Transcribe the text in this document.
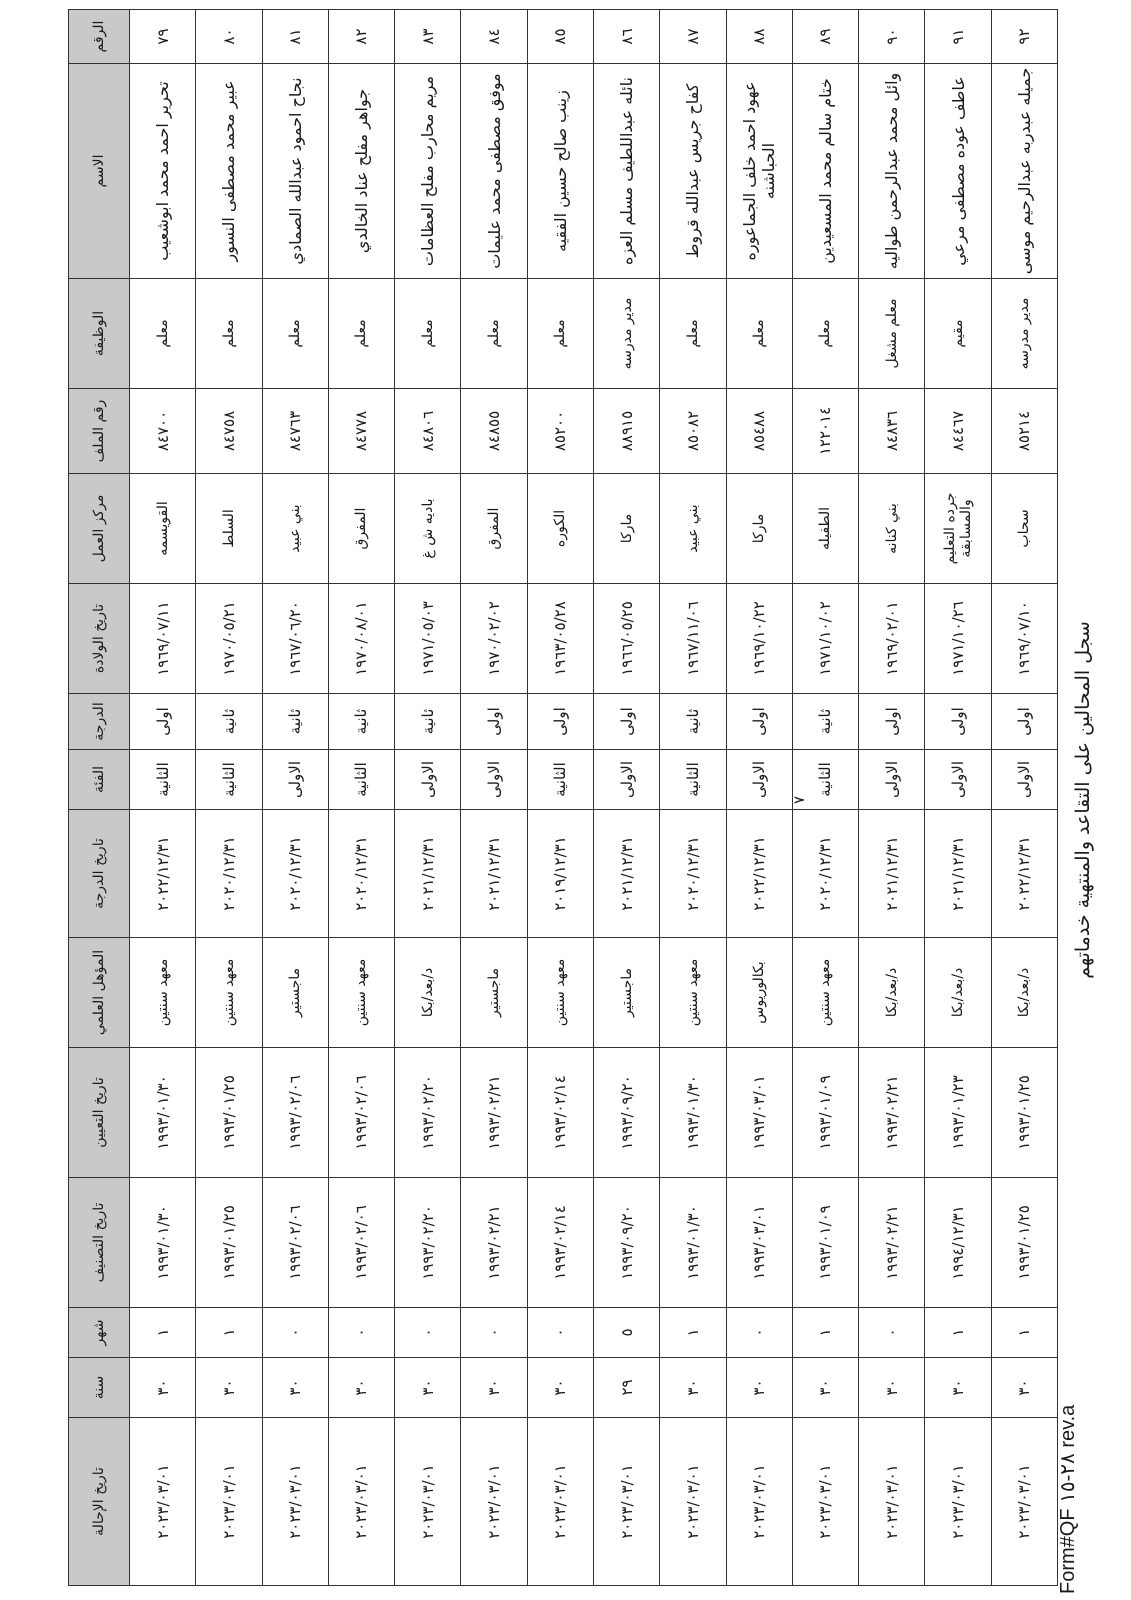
سجل المحالين على التقاعد والمنتهية خدماتهم
الرقم	الاسم	الوظيفة	رقم الملف	مركز العمل	تاريخ الولادة	الدرجة	الفئة	تاريخ الدرجة	المؤهل العلمي	تاريخ التعيين	تاريخ التصنيف	شهر	سنة	تاريخ الإحالة
٧٩	تحرير احمد محمد ابوشعيب	معلم	٨٤٧٠٠	القويسمه	١٩٦٩/٠٧/١١	اولى	الثانية	٢٠٢٢/١٢/٣١	معهد سنتين	١٩٩٣/٠١/٣٠	١٩٩٣/٠١/٣٠	١	٣٠	٢٠٢٣/٠٣/٠١
٨٠	عبير محمد مصطفى النسور	معلم	٨٤٧٥٨	السلط	١٩٧٠/٠٥/٢١	ثانية	الثانية	٢٠٢٠/١٢/٣١	معهد سنتين	١٩٩٣/٠١/٢٥	١٩٩٣/٠١/٢٥	١	٣٠	٢٠٢٣/٠٣/٠١
٨١	نجاح احمود عبدالله الصمادي	معلم	٨٤٧٦٣	بني عبيد	١٩٦٧/٠٦/٢٠	ثانية	الاولى	٢٠٢٠/١٢/٣١	ماجستير	١٩٩٣/٠٢/٠٦	١٩٩٣/٠٢/٠٦	٠	٣٠	٢٠٢٣/٠٣/٠١
٨٢	جواهر مفلح عناد الخالدي	معلم	٨٤٧٧٨	المفرق	١٩٧٠/٠٨/٠١	ثانية	الثانية	٢٠٢٠/١٢/٣١	معهد سنتين	١٩٩٣/٠٢/٠٦	١٩٩٣/٠٢/٠٦	٠	٣٠	٢٠٢٣/٠٣/٠١
٨٣	مريم محارب مفلح العظامات	معلم	٨٤٨٠٦	باديه ش غ	١٩٧١/٠٥/٠٣	ثانية	الاولى	٢٠٢١/١٢/٣١	د/بعد/بكا	١٩٩٣/٠٢/٢٠	١٩٩٣/٠٢/٢٠	٠	٣٠	٢٠٢٣/٠٣/٠١
٨٤	موفق مصطفى محمد عليمات	معلم	٨٤٨٥٥	المفرق	١٩٧٠/٠٢/٠٢	اولى	الاولى	٢٠٢١/١٢/٣١	ماجستير	١٩٩٣/٠٢/٢١	١٩٩٣/٠٢/٢١	٠	٣٠	٢٠٢٣/٠٣/٠١
٨٥	زينب صالح حسين الفقيه	معلم	٨٥٢٠٠	الكوره	١٩٦٣/٠٥/٢٨	اولى	الثانية	٢٠١٩/١٢/٣١	معهد سنتين	١٩٩٣/٠٢/١٤	١٩٩٣/٠٢/١٤	٠	٣٠	٢٠٢٣/٠٣/٠١
٨٦	نائله عبداللطيف مسلم العزه	مدير مدرسه	٨٨٩١٥	ماركا	١٩٦٦/٠٥/٢٥	اولى	الاولى	٢٠٢١/١٢/٣١	ماجستير	١٩٩٣/٠٩/٢٠	١٩٩٣/٠٩/٢٠	٥	٢٩	٢٠٢٣/٠٣/٠١
٨٧	كفاح جريس عبدالله قروط	معلم	٨٥٠٨٢	بني عبيد	١٩٦٧/١١/٠٦	ثانية	الثانية	٢٠٢٠/١٢/٣١	معهد سنتين	١٩٩٣/٠١/٣٠	١٩٩٣/٠١/٣٠	١	٣٠	٢٠٢٣/٠٣/٠١
٨٨	عهود احمد خلف الجماعوره الحباشنه	معلم	٨٥٤٨٨	ماركا	١٩٦٩/١٠/٢٢	اولى	الاولى	٢٠٢٢/١٢/٣١	بكالوريوس	١٩٩٣/٠٣/٠١	١٩٩٣/٠٣/٠١	٠	٣٠	٢٠٢٣/٠٣/٠١
٨٩	ختام سالم محمد المسعيدين	معلم	١٢٢٠١٤	الطفيله	١٩٧١/١٠/٠٢	ثانية	الثانية	٢٠٢٠/١٢/٣١	معهد سنتين	١٩٩٣/٠١/٠٩	١٩٩٣/٠١/٠٩	١	٣٠	٢٠٢٣/٠٣/٠١
٩٠	وائل محمد عبدالرحمن طواليه	معلم مشغل	٨٤٨٣٦	بني كنانه	١٩٦٩/٠٢/٠١	اولى	الاولى	٢٠٢١/١٢/٣١	د/بعد/بكا	١٩٩٣/٠٢/٢١	١٩٩٣/٠٢/٢١	٠	٣٠	٢٠٢٣/٠٣/٠١
٩١	عاطف عوده مصطفى مرعي	مقيم	٨٤٤٦٧	جرده التعليم والمسابقة	١٩٧١/١٠/٢٦	اولى	الاولى	٢٠٢١/١٢/٣١	د/بعد/بكا	١٩٩٣/٠١/٢٣	١٩٩٤/١٢/٣١	١	٣٠	٢٠٢٣/٠٣/٠١
٩٢	جميله عبدربه عبدالرحيم موسى	مدير مدرسه	٨٥٢١٤	سحاب	١٩٦٩/٠٧/١٠	اولى	الاولى	٢٠٢٢/١٢/٣١	د/بعد/بكا	١٩٩٣/٠١/٢٥	١٩٩٣/٠١/٢٥	١	٣٠	٢٠٢٣/٠٣/٠١
٧
Form#QF ٢٨-١٥ rev.a
